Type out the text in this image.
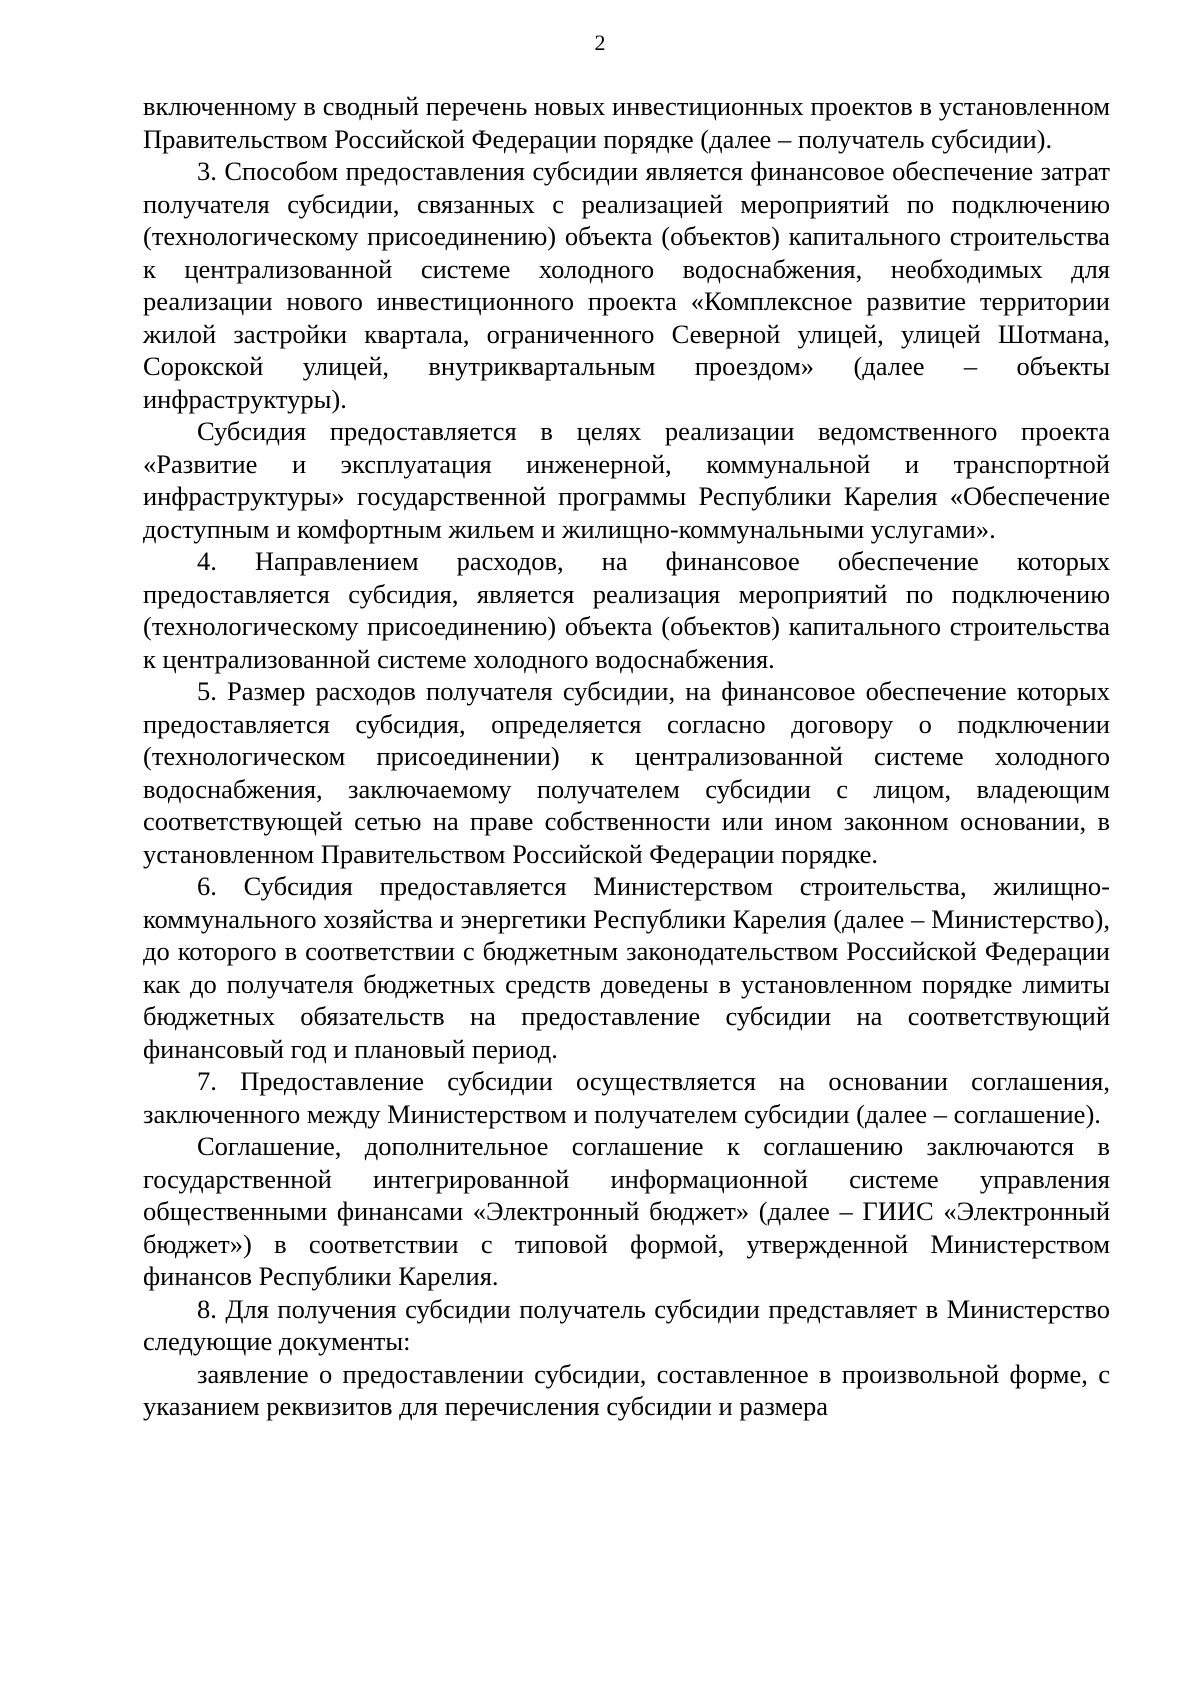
2

включенному в сводный перечень новых инвестиционных проектов в установленном Правительством Российской Федерации порядке (далее – получатель субсидии).

3. Способом предоставления субсидии является финансовое обеспечение затрат получателя субсидии, связанных с реализацией мероприятий по подключению (технологическому присоединению) объекта (объектов) капитального строительства к централизованной системе холодного водоснабжения, необходимых для реализации нового инвестиционного проекта «Комплексное развитие территории жилой застройки квартала, ограниченного Северной улицей, улицей Шотмана, Сорокской улицей, внутриквартальным проездом» (далее – объекты инфраструктуры).

Субсидия предоставляется в целях реализации ведомственного проекта «Развитие и эксплуатация инженерной, коммунальной и транспортной инфраструктуры» государственной программы Республики Карелия «Обеспечение доступным и комфортным жильем и жилищно-коммунальными услугами».

4. Направлением расходов, на финансовое обеспечение которых предоставляется субсидия, является реализация мероприятий по подключению (технологическому присоединению) объекта (объектов) капитального строительства к централизованной системе холодного водоснабжения.

5. Размер расходов получателя субсидии, на финансовое обеспечение которых предоставляется субсидия, определяется согласно договору о подключении (технологическом присоединении) к централизованной системе холодного водоснабжения, заключаемому получателем субсидии с лицом, владеющим соответствующей сетью на праве собственности или ином законном основании, в установленном Правительством Российской Федерации порядке.

6. Субсидия предоставляется Министерством строительства, жилищно-коммунального хозяйства и энергетики Республики Карелия (далее – Министерство), до которого в соответствии с бюджетным законодательством Российской Федерации как до получателя бюджетных средств доведены в установленном порядке лимиты бюджетных обязательств на предоставление субсидии на соответствующий финансовый год и плановый период.

7. Предоставление субсидии осуществляется на основании соглашения, заключенного между Министерством и получателем субсидии (далее – соглашение).

Соглашение, дополнительное соглашение к соглашению заключаются в государственной интегрированной информационной системе управления общественными финансами «Электронный бюджет» (далее – ГИИС «Электронный бюджет») в соответствии с типовой формой, утвержденной Министерством финансов Республики Карелия.

8. Для получения субсидии получатель субсидии представляет в Министерство следующие документы:

заявление о предоставлении субсидии, составленное в произвольной форме, с указанием реквизитов для перечисления субсидии и размера
